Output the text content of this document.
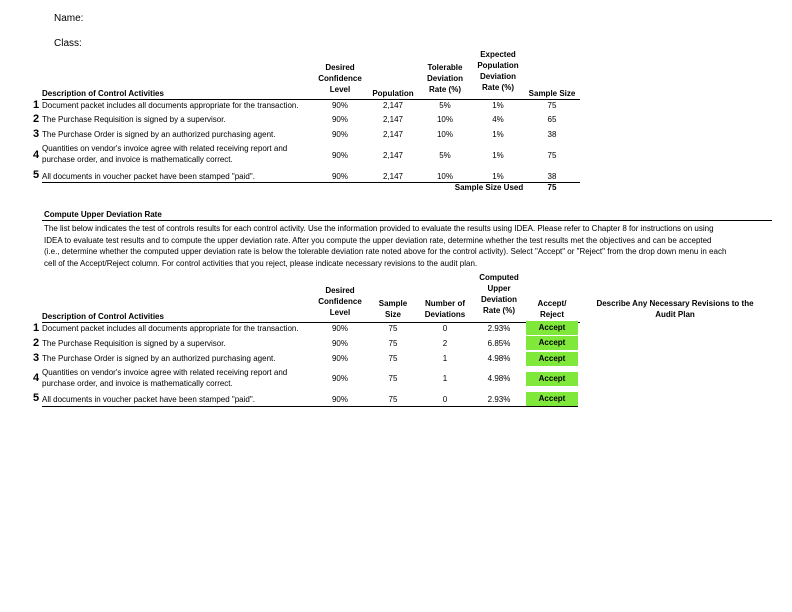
Name:
Class:
Description of Control Activities
Desired
Confidence
Level	Population
Tolerable
Deviation
Rate (%)
Expected
Population
Deviation
Rate (%)
Sample Size
1 Document packet includes all documents appropriate for the transaction.	90%	2,147	5%	1%	75
2 The Purchase Requisition is signed by a supervisor.	90%	2,147	10%	4%	65
3 The Purchase Order is signed by an authorized purchasing agent.	90%	2,147	10%	1%	38
4
Quantities on vendor's invoice agree with related receiving report and
purchase order, and invoice is mathematically correct.	90%	2,147	5%	1%	75
5 All documents in voucher packet have been stamped "paid".	90%	2,147	10%	1%	38
Sample Size Used	75
Compute Upper Deviation Rate
The list below indicates the test of controls results for each control activity. Use the information provided to evaluate the results using IDEA. Please refer to Chapter 8 for instructions on using
IDEA to evaluate test results and to compute the upper deviation rate. After you compute the upper deviation rate, determine whether the test results met the objectives and can be accepted
(i.e., determine whether the computed upper deviation rate is below the tolerable deviation rate noted above for the control activity). Select "Accept" or "Reject" from the drop down menu in each
cell of the Accept/Reject column. For control activities that you reject, please indicate necessary revisions to the audit plan.
Description of Control Activities
Desired
Confidence
Level
Sample
Size
Number of
Deviations
Computed
Upper
Deviation
Rate (%)
Accept/
Reject
Describe Any Necessary Revisions to the
Audit Plan
1 Document packet includes all documents appropriate for the transaction.	90%	75	0	2.93%	Accept
2 The Purchase Requisition is signed by a supervisor.	90%	75	2	6.85%	Accept
3 The Purchase Order is signed by an authorized purchasing agent.	90%	75	1	4.98%	Accept
4 Quantities on vendor's invoice agree with related receiving report and
purchase order, and invoice is mathematically correct.
90%	75	1	4.98%	Accept
5 All documents in voucher packet have been stamped "paid".	90%	75	0	2.93%	Accept
